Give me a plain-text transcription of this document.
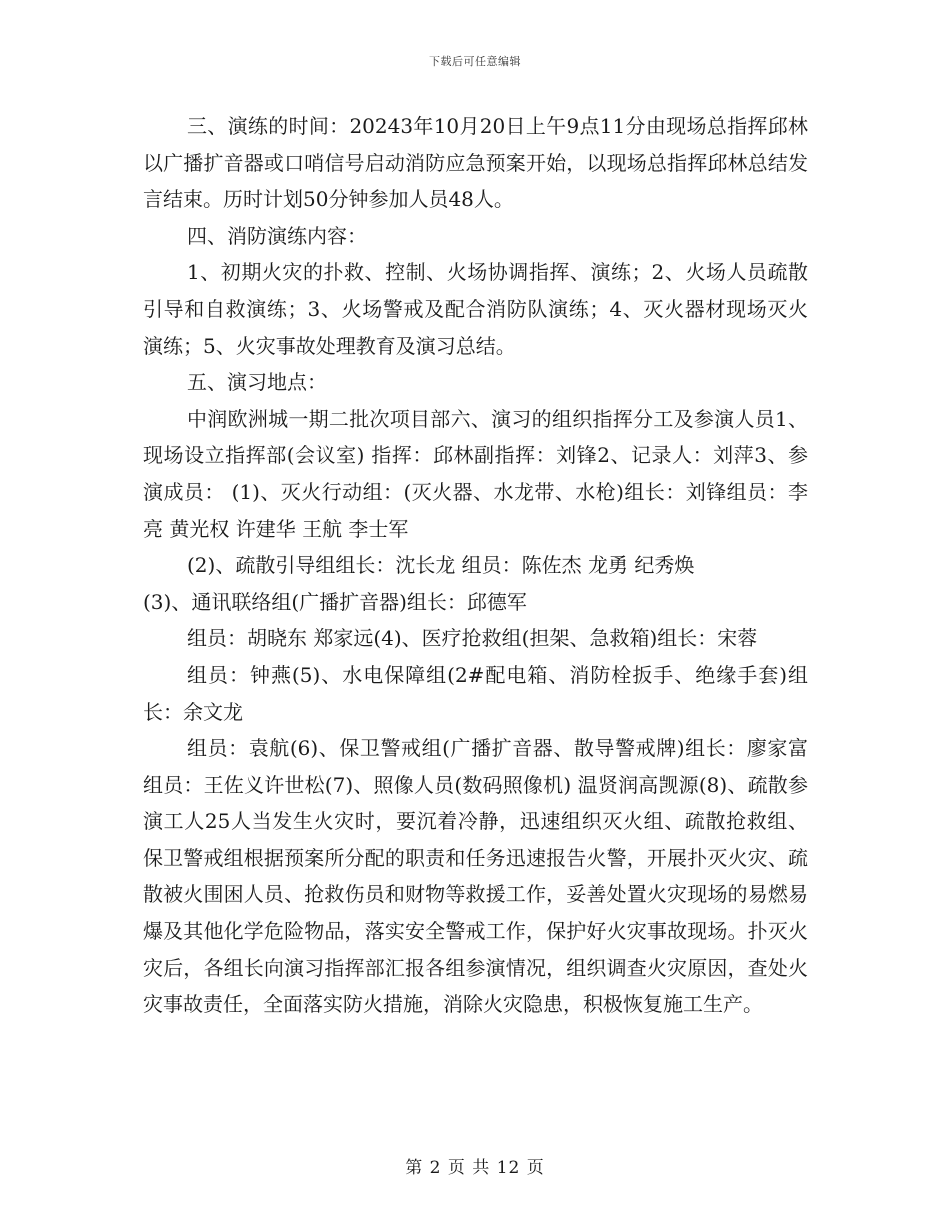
下载后可任意编辑

三、演练的时间：20243年10月20日上午9点11分由现场总指挥邱林以广播扩音器或口哨信号启动消防应急预案开始，以现场总指挥邱林总结发言结束。历时计划50分钟参加人员48人。

四、消防演练内容：

1、初期火灾的扑救、控制、火场协调指挥、演练；2、火场人员疏散引导和自救演练；3、火场警戒及配合消防队演练；4、灭火器材现场灭火演练；5、火灾事故处理教育及演习总结。

五、演习地点：

中润欧洲城一期二批次项目部六、演习的组织指挥分工及参演人员1、现场设立指挥部(会议室) 指挥：邱林副指挥：刘锋2、记录人：刘萍3、参演成员： (1)、灭火行动组：(灭火器、水龙带、水枪)组长：刘锋组员：李亮 黄光权 许建华 王航 李士军

(2)、疏散引导组组长：沈长龙 组员：陈佐杰 龙勇 纪秀焕

(3)、通讯联络组(广播扩音器)组长：邱德军

组员：胡晓东 郑家远(4)、医疗抢救组(担架、急救箱)组长：宋蓉

组员：钟燕(5)、水电保障组(2#配电箱、消防栓扳手、绝缘手套)组长：余文龙

组员：袁航(6)、保卫警戒组(广播扩音器、散导警戒牌)组长：廖家富组员：王佐义许世松(7)、照像人员(数码照像机) 温贤润高觊源(8)、疏散参演工人25人当发生火灾时，要沉着冷静，迅速组织灭火组、疏散抢救组、保卫警戒组根据预案所分配的职责和任务迅速报告火警，开展扑灭火灾、疏散被火围困人员、抢救伤员和财物等救援工作，妥善处置火灾现场的易燃易爆及其他化学危险物品，落实安全警戒工作，保护好火灾事故现场。扑灭火灾后，各组长向演习指挥部汇报各组参演情况，组织调查火灾原因，查处火灾事故责任，全面落实防火措施，消除火灾隐患，积极恢复施工生产。

第 2 页 共 12 页
